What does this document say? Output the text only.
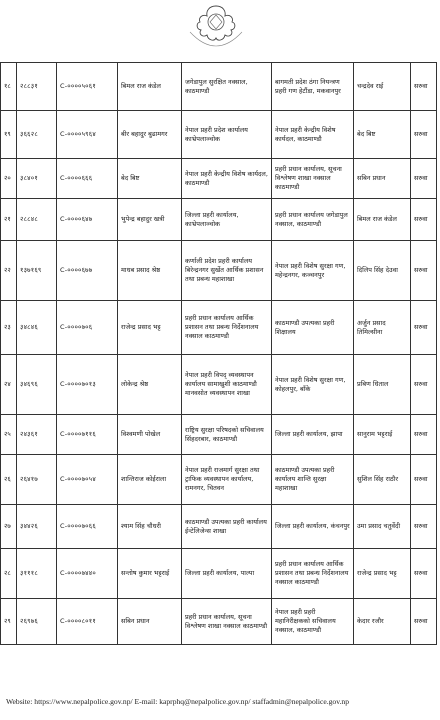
१८	२८८३१	C-००००५०६१	बिमल राज कंडेल	जगेडापुल सुरक्षित नक्साल, काठमाण्डौ	बागमती प्रदेश ठंगा नियन्त्रण प्रहरी गण हेटौंडा, मकवानपुर	चन्द्रदेव राई	सरुवा
१९	३६६२८	C-००००५९६४	बीर बहादुर बुढामगर	नेपाल प्रहरी प्रदेश कार्यालय काभ्रेपलाञ्चोक	नेपाल प्रहरी केन्द्रीय विशेष कार्यदल, काठमाण्डौ	बेद बिष्ट	सरुवा
२०	३८४०१	C-००००६६६	बेद बिष्ट	नेपाल प्रहरी केन्द्रीय विशेष कार्यदल, काठमाण्डौ	प्रहरी प्रधान कार्यालय, सूचना विश्लेषण शाखा नक्साल काठमाण्डौ	सबिन प्रधान	सरुवा
२१	२८८४८	C-००००६४७	भुपेन्द्र बहादुर खत्री	जिल्ला प्रहरी कार्यालय, काभ्रेपलाञ्चोक	प्रहरी प्रधान कार्यालय जगेडापुल नक्साल, काठमाण्डौ	बिमल राज कंडेल	सरुवा
२२	१३७१६९	C-००००६७७	माधब प्रसाद श्रेष्ठ	कर्णाली प्रदेश प्रहरी कार्यालय बिरेन्द्रनगर सुर्खेत आर्थिक प्रशासन तथा प्रबन्ध महाशाखा	नेपाल प्रहरी विशेष सुरक्षा गण, महेन्द्रनगर, कञ्चनपुर	दिलिप सिंह देउवा	सरुवा
२३	३४८४६	C-००००७०६	राजेन्द्र प्रसाद भट्ट	प्रहरी प्रधान कार्यालय आर्थिक प्रशासन तथा प्रबन्ध निर्देशनालय नक्साल काठमाण्डौ	काठमाण्डौ उपत्यका प्रहरी शिक्षालय	अर्जुन प्रसाद तिमिल्सीना	सरुवा
२४	३४६९६	C-००००७०१३	लोकेन्द्र श्रेष्ठ	नेपाल प्रहरी विपद् व्यवस्थापन कार्यालय सामाखुशी काठमाण्डौ मानवसोत व्यवस्थापन शाखा	नेपाल प्रहरी विशेष सुरक्षा गण, कोहलपुर, बाँके	प्रबिण धिताल	सरुवा
२५	२४३६१	C-००००७११६	विश्वमणी पोखेल	राष्ट्रिय सुरक्षा परिषदको सचिवालय सिंहदरबार, काठमाण्डौ	जिल्ला प्रहरी कार्यालय, झापा	सानुराम भट्टराई	सरुवा
२६	२६४१७	C-००००७०५४	शान्तिराज कोईराला	नेपाल प्रहरी राजमार्ग सुरक्षा तथा ट्राफिक व्यवस्थापन कार्यालय, रामनगर, चितवन	काठमाण्डौ उपत्यका प्रहरी कार्यालय शान्ति सुरक्षा महाशाखा	सुशिल सिंह राठौर	सरुवा
२७	३४४२६	C-००००७०६६	श्याम सिंह चौधरी	काठमाण्डौ उपत्यका प्रहरी कार्यालय ईन्टेलिजेन्स शाखा	जिल्ला प्रहरी कार्यालय, कंचनपुर	उमा प्रसाद चतुर्वेदी	सरुवा
२८	३१११८	C-००००७४४०	सन्तोष कुमार भट्टराई	जिल्ला प्रहरी कार्यालय, पाल्पा	प्रहरी प्रधान कार्यालय आर्थिक प्रशासन तथा प्रबन्ध निर्देशनालय नक्साल काठमाण्डौ	राजेन्द्र प्रसाद भट्ट	सरुवा
२९	२६९७६	C-००००८०११	सबिन प्रधान	प्रहरी प्रधान कार्यालय, सूचना विश्लेषण शाखा नक्साल काठमाण्डौ	नेपाल प्रहरी प्रहरी महानिरीक्षकको सचिवालय नक्साल, काठमाण्डौ	केदार रजौर	सरुवा
Website: https://www.nepalpolice.gov.np/ E-mail: kaprphq@nepalpolice.gov.np/ staffadmin@nepalpolice.gov.np
